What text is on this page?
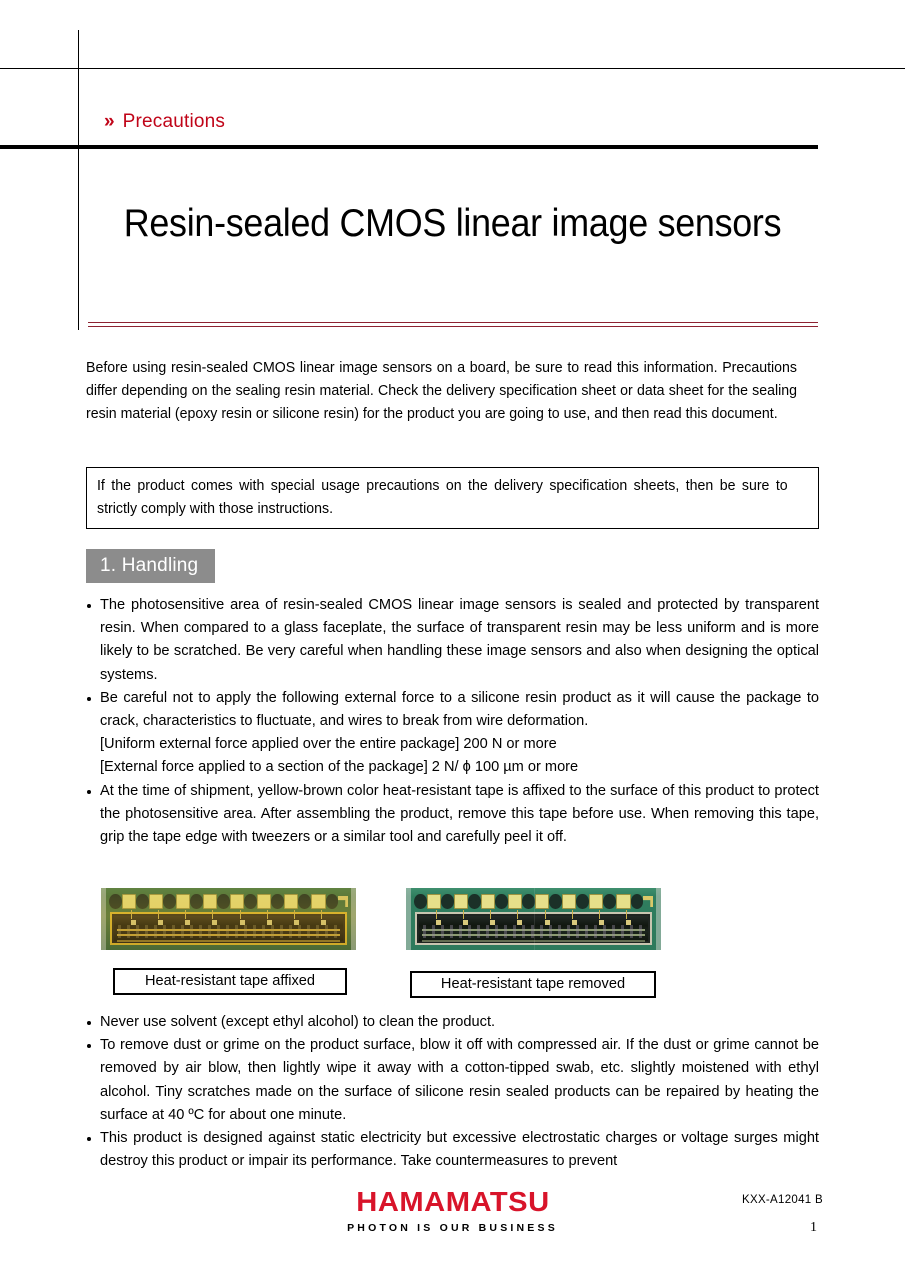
» Precautions
Resin-sealed CMOS linear image sensors
Before using resin-sealed CMOS linear image sensors on a board, be sure to read this information. Precautions differ depending on the sealing resin material. Check the delivery specification sheet or data sheet for the sealing resin material (epoxy resin or silicone resin) for the product you are going to use, and then read this document.
If the product comes with special usage precautions on the delivery specification sheets, then be sure to strictly comply with those instructions.
1. Handling
The photosensitive area of resin-sealed CMOS linear image sensors is sealed and protected by transparent resin. When compared to a glass faceplate, the surface of transparent resin may be less uniform and is more likely to be scratched. Be very careful when handling these image sensors and also when designing the optical systems.
Be careful not to apply the following external force to a silicone resin product as it will cause the package to crack, characteristics to fluctuate, and wires to break from wire deformation.
[Uniform external force applied over the entire package] 200 N or more
[External force applied to a section of the package] 2 N/ ϕ 100 µm or more
At the time of shipment, yellow-brown color heat-resistant tape is affixed to the surface of this product to protect the photosensitive area. After assembling the product, remove this tape before use. When removing this tape, grip the tape edge with tweezers or a similar tool and carefully peel it off.
Heat-resistant tape affixed	Heat-resistant tape removed
Never use solvent (except ethyl alcohol) to clean the product.
To remove dust or grime on the product surface, blow it off with compressed air. If the dust or grime cannot be removed by air blow, then lightly wipe it away with a cotton-tipped swab, etc. slightly moistened with ethyl alcohol. Tiny scratches made on the surface of silicone resin sealed products can be repaired by heating the surface at 40 ºC for about one minute.
This product is designed against static electricity but excessive electrostatic charges or voltage surges might destroy this product or impair its performance. Take countermeasures to prevent
HAMAMATSU
PHOTON IS OUR BUSINESS
KXX-A12041 B
1
